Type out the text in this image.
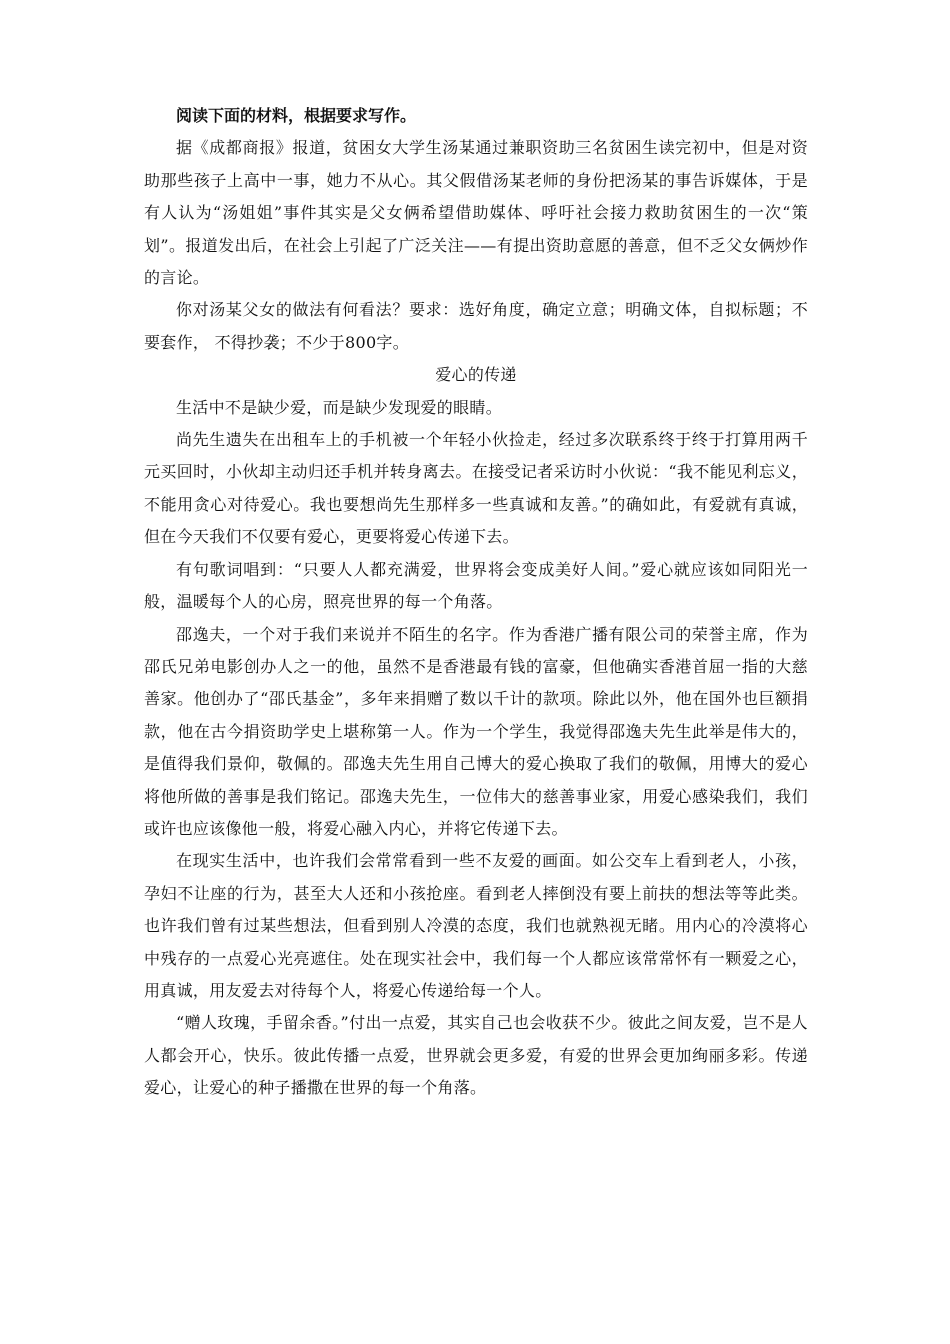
阅读下面的材料，根据要求写作。

据《成都商报》报道，贫困女大学生汤某通过兼职资助三名贫困生读完初中，但是对资助那些孩子上高中一事，她力不从心。其父假借汤某老师的身份把汤某的事告诉媒体，于是有人认为“汤姐姐”事件其实是父女俩希望借助媒体、呼吁社会接力救助贫困生的一次“策划”。报道发出后，在社会上引起了广泛关注——有提出资助意愿的善意，但不乏父女俩炒作的言论。

你对汤某父女的做法有何看法？要求：选好角度，确定立意；明确文体，自拟标题；不要套作， 不得抄袭；不少于800字。

爱心的传递

生活中不是缺少爱，而是缺少发现爱的眼睛。

尚先生遗失在出租车上的手机被一个年轻小伙捡走，经过多次联系终于终于打算用两千元买回时，小伙却主动归还手机并转身离去。在接受记者采访时小伙说：“我不能见利忘义，不能用贪心对待爱心。我也要想尚先生那样多一些真诚和友善。”的确如此，有爱就有真诚，但在今天我们不仅要有爱心，更要将爱心传递下去。

有句歌词唱到：“只要人人都充满爱，世界将会变成美好人间。”爱心就应该如同阳光一般，温暖每个人的心房，照亮世界的每一个角落。

邵逸夫，一个对于我们来说并不陌生的名字。作为香港广播有限公司的荣誉主席，作为邵氏兄弟电影创办人之一的他，虽然不是香港最有钱的富豪，但他确实香港首屈一指的大慈善家。他创办了“邵氏基金”，多年来捐赠了数以千计的款项。除此以外，他在国外也巨额捐款，他在古今捐资助学史上堪称第一人。作为一个学生，我觉得邵逸夫先生此举是伟大的，是值得我们景仰，敬佩的。邵逸夫先生用自己博大的爱心换取了我们的敬佩，用博大的爱心将他所做的善事是我们铭记。邵逸夫先生，一位伟大的慈善事业家，用爱心感染我们，我们或许也应该像他一般，将爱心融入内心，并将它传递下去。

在现实生活中，也许我们会常常看到一些不友爱的画面。如公交车上看到老人，小孩，孕妇不让座的行为，甚至大人还和小孩抢座。看到老人摔倒没有要上前扶的想法等等此类。也许我们曾有过某些想法，但看到别人冷漠的态度，我们也就熟视无睹。用内心的冷漠将心中残存的一点爱心光亮遮住。处在现实社会中，我们每一个人都应该常常怀有一颗爱之心，用真诚，用友爱去对待每个人，将爱心传递给每一个人。

“赠人玫瑰，手留余香。”付出一点爱，其实自己也会收获不少。彼此之间友爱，岂不是人人都会开心，快乐。彼此传播一点爱，世界就会更多爱，有爱的世界会更加绚丽多彩。传递爱心，让爱心的种子播撒在世界的每一个角落。
